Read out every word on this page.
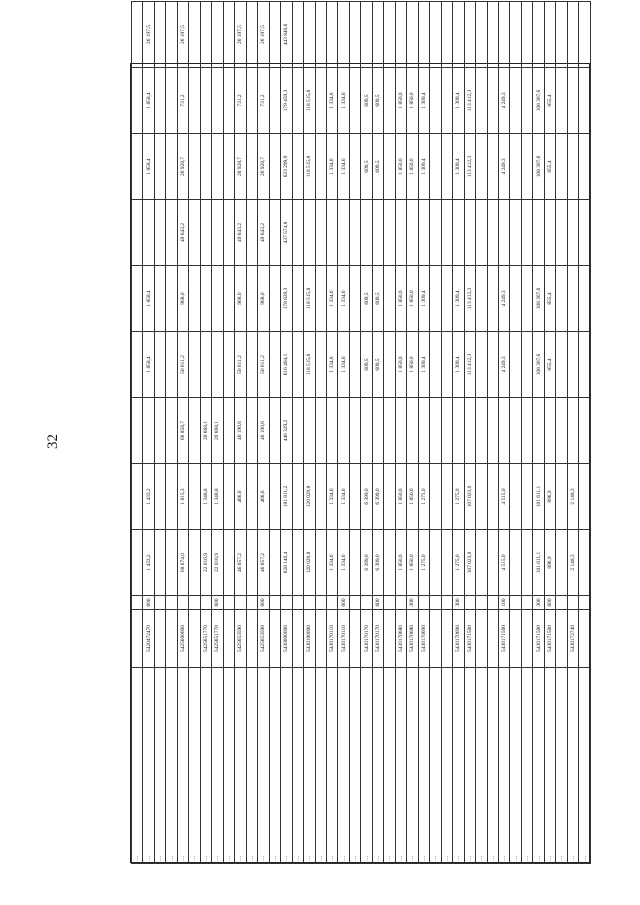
32
…											
…	5420472470	600	1 433,2	1 433,2		1 858,4	1 858,4		1 858,4	1 858,4	26 197,5
…											
…											
…	5425600000		68 674,0	1 815,3	66 858,7	50 611,2	968,0	49 643,2	26 928,7	731,2	26 197,5
…											
…	5425651770		22 016,9	1 348,8	20 668,1						
…	5425651770	600	22 016,9	1 348,8	20 668,1						
…											
…	5425653590		46 657,2	466,6	46 190,6	50 611,2	968,0	49 643,2	26 928,7	731,2	26 197,5
…											
…	5425653590	600	46 657,2	466,6	46 190,6	50 611,2	968,0	49 643,2	26 928,7	731,2	26 197,5
…											
…	5430000000		628 140,4	181 811,2	446 329,2	616 404,1	178 829,3	437 574,8	623 299,9	179 459,3	443 840,6
…											
…	5430100000		120 029,8	120 029,8		118 515,8	118 515,8		118 515,8	118 515,8	
…											
…	5430170110		1 334,6	1 334,6		1 334,6	1 334,6		1 334,6	1 334,6	
…	5430170110	600	1 334,6	1 334,6		1 334,6	1 334,6		1 334,6	1 334,6	
…											
…	5430170170		6 399,0	6 399,0		609,5	609,5		609,5	609,5	
…	5430170170	600	6 399,0	6 399,0		609,5	609,5		609,5	609,5	
…											
…	5430170680		1 850,0	1 850,0		1 850,0	1 850,0		1 850,0	1 850,0	
…	5430170680	300	1 850,0	1 850,0		1 850,0	1 850,0		1 850,0	1 850,0	
…	5430170690		1 275,0	1 275,0		1 309,4	1 309,4		1 309,4	1 309,4	
…											
…											
…	5430170690	300	1 275,0	1 275,0		1 309,4	1 309,4		1 309,4	1 309,4	
…	5430171500		107 023,0	107 023,0		113 412,3	113 412,3		113 412,3	113 412,3	
…											
…											
…	5430171500	100	4 515,0	4 515,0		4 249,3	4 249,3		4 249,3	4 249,3	
…											
…											
…	5430171500	300	101 611,1	101 611,1		108 307,6	108 307,6		108 307,6	108 307,6	
…	5430171500	600	896,9	896,9		855,4	855,4		855,4	855,4	
…											
…	5430172740		2 148,3	2 148,3							
…											
